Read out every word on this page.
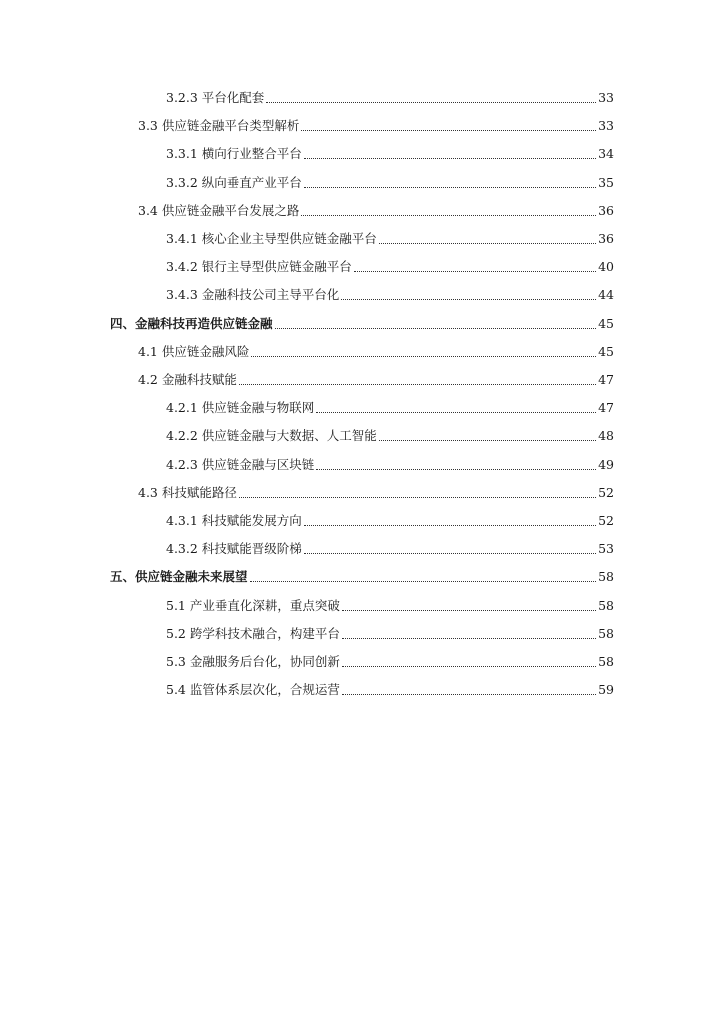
3.2.3 平台化配套	33
3.3 供应链金融平台类型解析	33
3.3.1 横向行业整合平台	34
3.3.2 纵向垂直产业平台	35
3.4 供应链金融平台发展之路	36
3.4.1 核心企业主导型供应链金融平台	36
3.4.2 银行主导型供应链金融平台	40
3.4.3 金融科技公司主导平台化	44
四、金融科技再造供应链金融	45
4.1 供应链金融风险	45
4.2 金融科技赋能	47
4.2.1 供应链金融与物联网	47
4.2.2 供应链金融与大数据、人工智能	48
4.2.3 供应链金融与区块链	49
4.3 科技赋能路径	52
4.3.1 科技赋能发展方向	52
4.3.2 科技赋能晋级阶梯	53
五、供应链金融未来展望	58
5.1 产业垂直化深耕，重点突破	58
5.2 跨学科技术融合，构建平台	58
5.3 金融服务后台化，协同创新	58
5.4 监管体系层次化，合规运营	59
